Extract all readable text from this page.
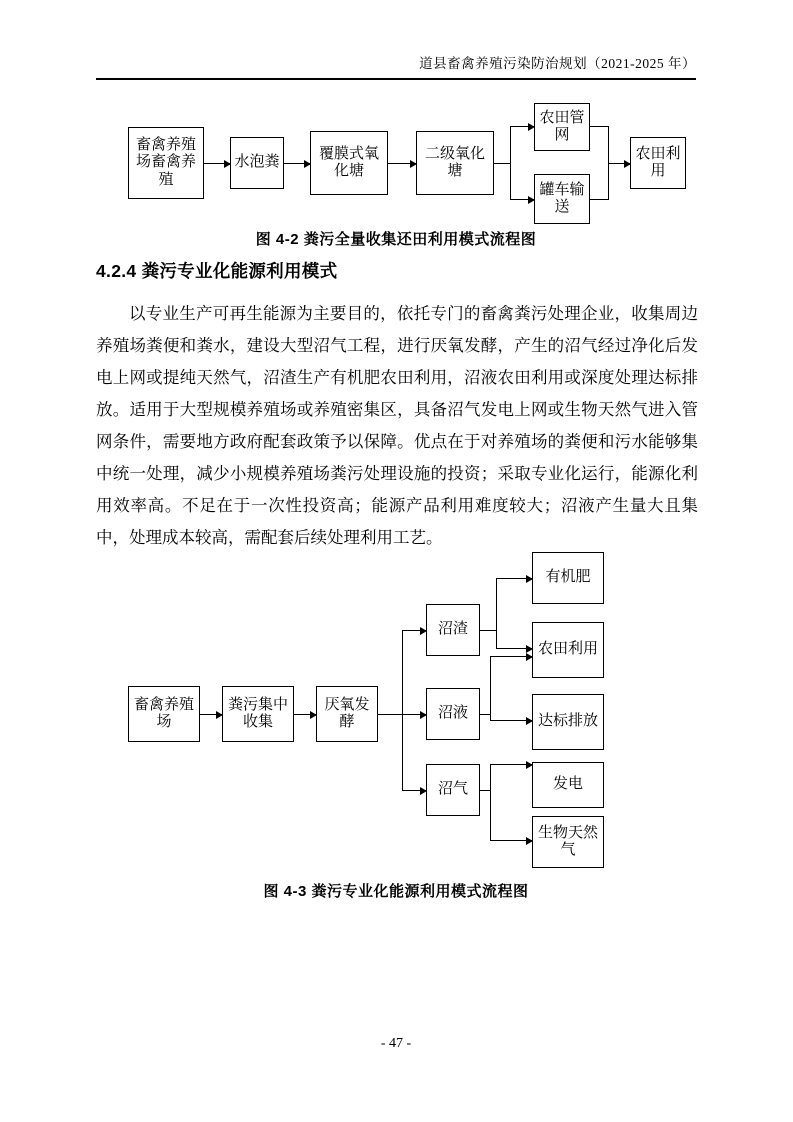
道县畜禽养殖污染防治规划（2021-2025 年）
畜禽养殖场畜禽养殖
水泡粪
覆膜式氧化塘
二级氧化塘
农田管网
罐车输送
农田利用
图 4-2 粪污全量收集还田利用模式流程图
4.2.4 粪污专业化能源利用模式
以专业生产可再生能源为主要目的，依托专门的畜禽粪污处理企业，收集周边养殖场粪便和粪水，建设大型沼气工程，进行厌氧发酵，产生的沼气经过净化后发电上网或提纯天然气，沼渣生产有机肥农田利用，沼液农田利用或深度处理达标排放。适用于大型规模养殖场或养殖密集区，具备沼气发电上网或生物天然气进入管网条件，需要地方政府配套政策予以保障。优点在于对养殖场的粪便和污水能够集中统一处理，减少小规模养殖场粪污处理设施的投资；采取专业化运行，能源化利用效率高。不足在于一次性投资高；能源产品利用难度较大；沼液产生量大且集中，处理成本较高，需配套后续处理利用工艺。
畜禽养殖场
粪污集中收集
厌氧发酵
沼渣
沼液
沼气
有机肥
农田利用
达标排放
发电
生物天然气
图 4-3 粪污专业化能源利用模式流程图
- 47 -
